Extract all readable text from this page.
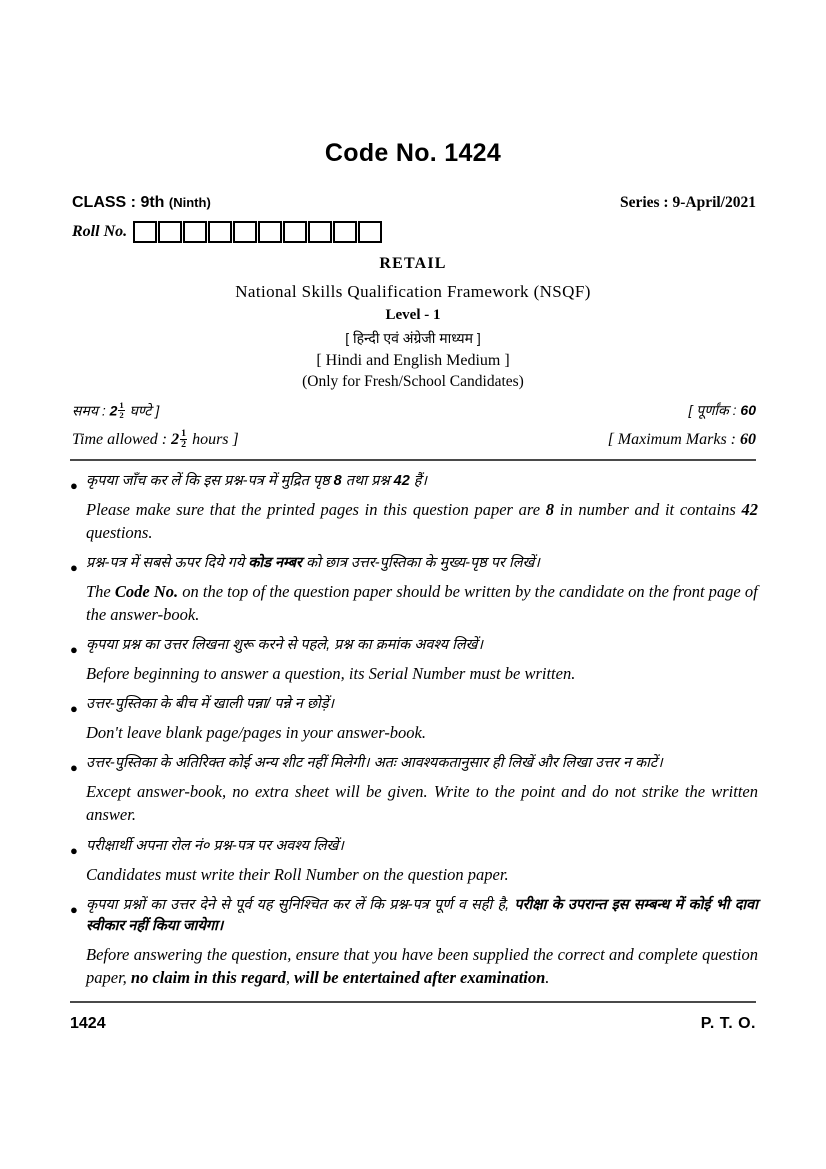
Code No. 1424
CLASS : 9th (Ninth)	Series : 9-April/2021
Roll No.
RETAIL
National Skills Qualification Framework (NSQF)
Level - 1
[ हिन्दी एवं अंग्रेजी माध्यम ]
[ Hindi and English Medium ]
(Only for Fresh/School Candidates)
समय : $2 \frac{1}{2}$ घण्टे ]	[ पूर्णांक : 60
Time allowed : $2 \frac{1}{2}$ hours ]	[ Maximum Marks : 60
● कृपया जाँच कर लें कि इस प्रश्न-पत्र में मुद्रित पृष्ठ 8 तथा प्रश्न 42 हैं।
Please make sure that the printed pages in this question paper are 8 in number and it contains 42 questions.
● प्रश्न-पत्र में सबसे ऊपर दिये गये कोड नम्बर को छात्र उत्तर-पुस्तिका के मुख्य-पृष्ठ पर लिखें।
The Code No. on the top of the question paper should be written by the candidate on the front page of the answer-book.
● कृपया प्रश्न का उत्तर लिखना शुरू करने से पहले, प्रश्न का क्रमांक अवश्य लिखें।
Before beginning to answer a question, its Serial Number must be written.
● उत्तर-पुस्तिका के बीच में खाली पन्ना/ पन्ने न छोड़ें।
Don't leave blank page/pages in your answer-book.
● उत्तर-पुस्तिका के अतिरिक्त कोई अन्य शीट नहीं मिलेगी। अतः आवश्यकतानुसार ही लिखें और लिखा उत्तर न काटें।
Except answer-book, no extra sheet will be given. Write to the point and do not strike the written answer.
● परीक्षार्थी अपना रोल नं० प्रश्न-पत्र पर अवश्य लिखें।
Candidates must write their Roll Number on the question paper.
● कृपया प्रश्नों का उत्तर देने से पूर्व यह सुनिश्चित कर लें कि प्रश्न-पत्र पूर्ण व सही है, परीक्षा के उपरान्त इस सम्बन्ध में कोई भी दावा स्वीकार नहीं किया जायेगा।
Before answering the question, ensure that you have been supplied the correct and complete question paper, no claim in this regard, will be entertained after examination.
1424	P. T. O.
